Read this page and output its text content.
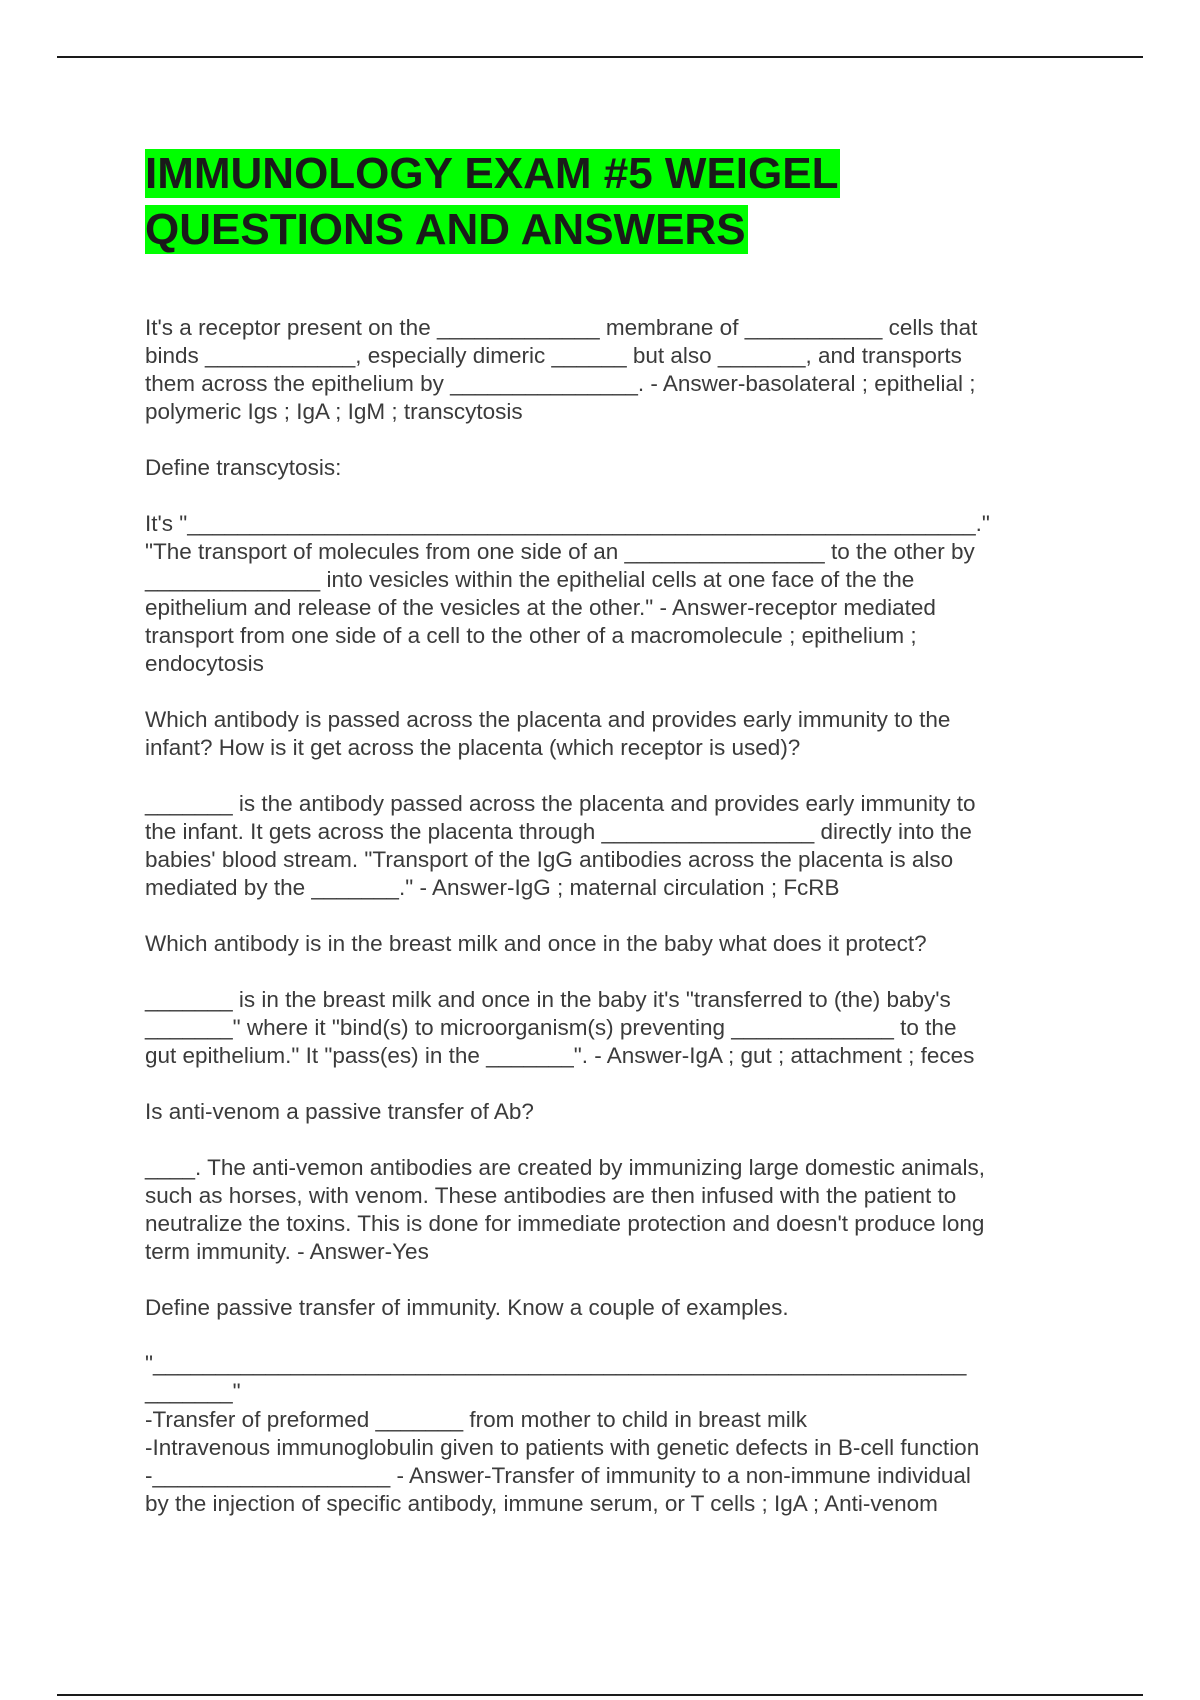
IMMUNOLOGY EXAM #5 WEIGEL
QUESTIONS AND ANSWERS

It's a receptor present on the _____________ membrane of ___________ cells that
binds ____________, especially dimeric ______ but also _______, and transports
them across the epithelium by _______________. - Answer-basolateral ; epithelial ;
polymeric Igs ; IgA ; IgM ; transcytosis

Define transcytosis:

It's "_______________________________________________________________."
"The transport of molecules from one side of an ________________ to the other by
______________ into vesicles within the epithelial cells at one face of the the
epithelium and release of the vesicles at the other." - Answer-receptor mediated
transport from one side of a cell to the other of a macromolecule ; epithelium ;
endocytosis

Which antibody is passed across the placenta and provides early immunity to the
infant? How is it get across the placenta (which receptor is used)?

_______ is the antibody passed across the placenta and provides early immunity to
the infant. It gets across the placenta through _________________ directly into the
babies' blood stream. "Transport of the IgG antibodies across the placenta is also
mediated by the _______." - Answer-IgG ; maternal circulation ; FcRB

Which antibody is in the breast milk and once in the baby what does it protect?

_______ is in the breast milk and once in the baby it's "transferred to (the) baby's
_______" where it "bind(s) to microorganism(s) preventing _____________ to the
gut epithelium." It "pass(es) in the _______". - Answer-IgA ; gut ; attachment ; feces

Is anti-venom a passive transfer of Ab?

____. The anti-vemon antibodies are created by immunizing large domestic animals,
such as horses, with venom. These antibodies are then infused with the patient to
neutralize the toxins. This is done for immediate protection and doesn't produce long
term immunity. - Answer-Yes

Define passive transfer of immunity. Know a couple of examples.

"_________________________________________________________________
_______"
-Transfer of preformed _______ from mother to child in breast milk
-Intravenous immunoglobulin given to patients with genetic defects in B-cell function
-___________________ - Answer-Transfer of immunity to a non-immune individual
by the injection of specific antibody, immune serum, or T cells ; IgA ; Anti-venom
